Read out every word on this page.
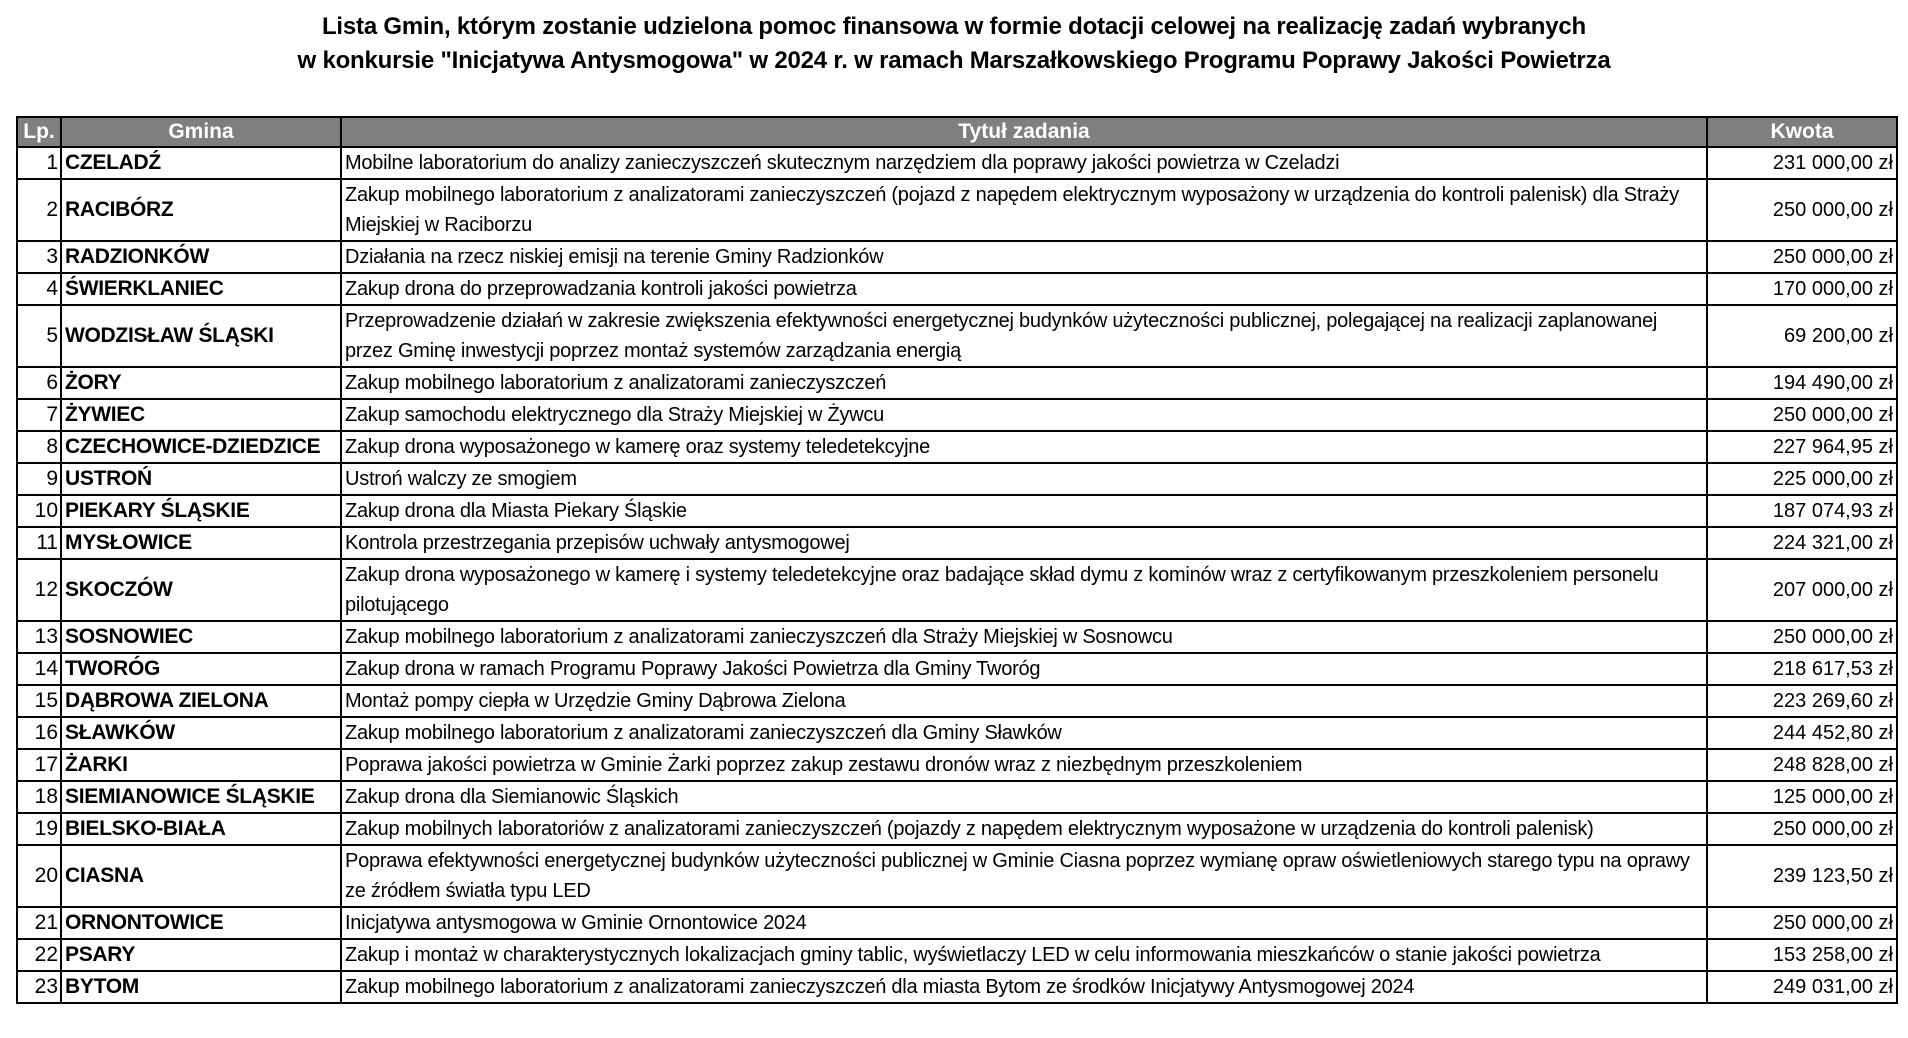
Lista Gmin, którym zostanie udzielona pomoc finansowa w formie dotacji celowej na realizację zadań wybranych
w konkursie "Inicjatywa Antysmogowa" w 2024 r. w ramach Marszałkowskiego Programu Poprawy Jakości Powietrza
Lp.	Gmina	Tytuł zadania	Kwota
1	CZELADŹ	Mobilne laboratorium do analizy zanieczyszczeń skutecznym narzędziem dla poprawy jakości powietrza w Czeladzi	231 000,00 zł
2	RACIBÓRZ	Zakup mobilnego laboratorium z analizatorami zanieczyszczeń (pojazd z napędem elektrycznym wyposażony w urządzenia do kontroli palenisk) dla Straży Miejskiej w Raciborzu	250 000,00 zł
3	RADZIONKÓW	Działania na rzecz niskiej emisji na terenie Gminy Radzionków	250 000,00 zł
4	ŚWIERKLANIEC	Zakup drona do przeprowadzania kontroli jakości powietrza	170 000,00 zł
5	WODZISŁAW ŚLĄSKI	Przeprowadzenie działań w zakresie zwiększenia efektywności energetycznej budynków użyteczności publicznej, polegającej na realizacji zaplanowanej przez Gminę inwestycji poprzez montaż systemów zarządzania energią	69 200,00 zł
6	ŻORY	Zakup mobilnego laboratorium z analizatorami zanieczyszczeń	194 490,00 zł
7	ŻYWIEC	Zakup samochodu elektrycznego dla Straży Miejskiej w Żywcu	250 000,00 zł
8	CZECHOWICE-DZIEDZICE	Zakup drona wyposażonego w kamerę oraz systemy teledetekcyjne	227 964,95 zł
9	USTROŃ	Ustroń walczy ze smogiem	225 000,00 zł
10	PIEKARY ŚLĄSKIE	Zakup drona dla Miasta Piekary Śląskie	187 074,93 zł
11	MYSŁOWICE	Kontrola przestrzegania przepisów uchwały antysmogowej	224 321,00 zł
12	SKOCZÓW	Zakup drona wyposażonego w kamerę i systemy teledetekcyjne oraz badające skład dymu z kominów wraz z certyfikowanym przeszkoleniem personelu pilotującego	207 000,00 zł
13	SOSNOWIEC	Zakup mobilnego laboratorium z analizatorami zanieczyszczeń dla Straży Miejskiej w Sosnowcu	250 000,00 zł
14	TWORÓG	Zakup drona w ramach Programu Poprawy Jakości Powietrza dla Gminy Tworóg	218 617,53 zł
15	DĄBROWA ZIELONA	Montaż pompy ciepła w Urzędzie Gminy Dąbrowa Zielona	223 269,60 zł
16	SŁAWKÓW	Zakup mobilnego laboratorium z analizatorami zanieczyszczeń dla Gminy Sławków	244 452,80 zł
17	ŻARKI	Poprawa jakości powietrza w Gminie Żarki poprzez zakup zestawu dronów wraz z niezbędnym przeszkoleniem	248 828,00 zł
18	SIEMIANOWICE ŚLĄSKIE	Zakup drona dla Siemianowic Śląskich	125 000,00 zł
19	BIELSKO-BIAŁA	Zakup mobilnych laboratoriów z analizatorami zanieczyszczeń (pojazdy z napędem elektrycznym wyposażone w urządzenia do kontroli palenisk)	250 000,00 zł
20	CIASNA	Poprawa efektywności energetycznej budynków użyteczności publicznej w Gminie Ciasna poprzez wymianę opraw oświetleniowych starego typu na oprawy ze źródłem światła typu LED	239 123,50 zł
21	ORNONTOWICE	Inicjatywa antysmogowa w Gminie Ornontowice 2024	250 000,00 zł
22	PSARY	Zakup i montaż w charakterystycznych lokalizacjach gminy tablic, wyświetlaczy LED w celu informowania mieszkańców o stanie jakości powietrza	153 258,00 zł
23	BYTOM	Zakup mobilnego laboratorium z analizatorami zanieczyszczeń dla miasta Bytom ze środków Inicjatywy Antysmogowej 2024	249 031,00 zł
